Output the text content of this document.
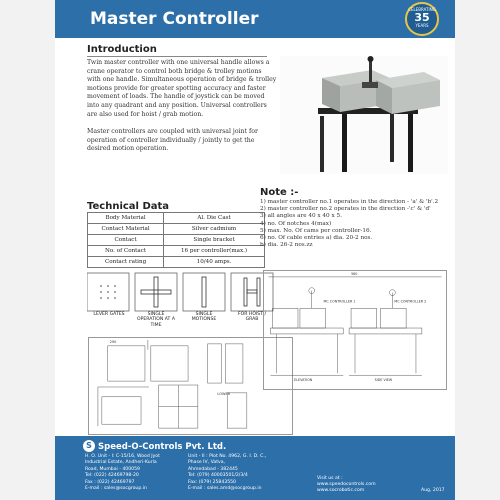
Master Controller	CELEBRATING
35
YEARS
Introduction

Twin master controller with one universal handle allows a crane operator to control both bridge & trolley motions with one handle. Simultaneous operation of bridge & trolley motions provide for greater spotting accuracy and faster movement of loads. The handle of joystick can be moved into any quadrant and any position. Universal controllers are also used for hoist / grab motion.

Master controllers are coupled with universal joint for operation of controller individually / jointly to get the desired motion operation.

Technical Data
Body Material	Al. Die Cast
Contact Material	Silver cadmium
Contact	Single bracket
No. of Contact	16 per controller(max.)
Contact rating	10/40 amps.
Note :-
1) master controller no.1 operates in the direction - 'a' & 'b'.2
2) master controller no.2 operates in the direction -'c' & 'd'
3) all angles are 40 x 40 x 5.
4) no. Of notches 4(max)
5) max. No. Of cams per controller-16.
6) no. Of cable entries a) dia. 20-2 nos.
b) dia. 26-2 nos.zz
LEVER GATES	SINGLE OPERATION AT A TIME
SINGLE MOTIONSE
FOR HOIST / GRAB
290
LOWER
MC CONTROLLER 1	MC CONTROLLER 2
ELEVATION	SIDE VIEW
560
S Speed-O-Controls Pvt. Ltd.

H. O. Unit - I: C-15/16, Wood Jyot
Industrial Estate, Andheri-Kurla
Road, Mumbai - 400059
Tel: (022) 42469798-20
Fax : (022) 42469797
E-mail : sales@socgroup.in

Unit - II : Plot No. 4962, G. I. D. C.,
Phase IV, Vatva,
Ahmedabad - 382445
Tel: (079) 40003501/2/3/4
Fax: (079) 25843550
E-mail : sales.amd@socgroup.in

Visit us at :
www.speedocontrols.com
www.socrobotic.com	Aug, 2017
